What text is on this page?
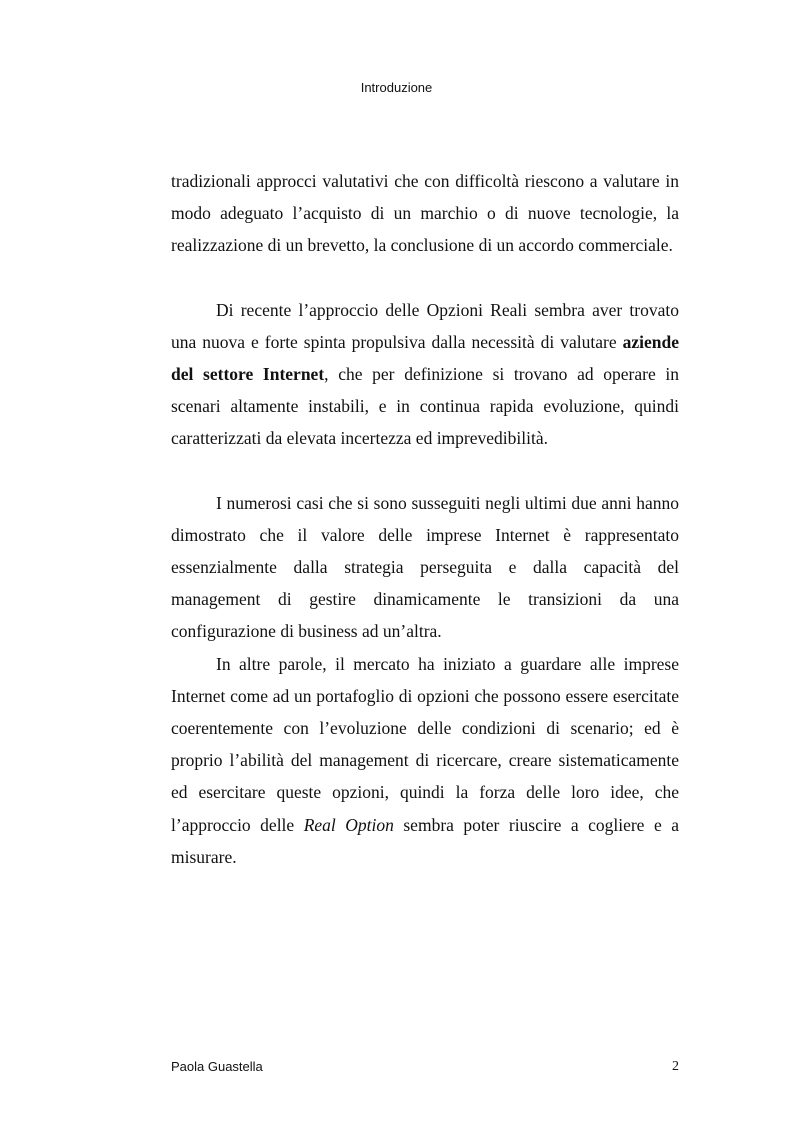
Introduzione

tradizionali approcci valutativi che con difficoltà riescono a valutare in modo adeguato l’acquisto di un marchio o di nuove tecnologie, la realizzazione di un brevetto, la conclusione di un accordo commerciale.

Di recente l’approccio delle Opzioni Reali sembra aver trovato una nuova e forte spinta propulsiva dalla necessità di valutare aziende del settore Internet, che per definizione si trovano ad operare in scenari altamente instabili, e in continua rapida evoluzione, quindi caratterizzati da elevata incertezza ed imprevedibilità.

I numerosi casi che si sono susseguiti negli ultimi due anni hanno dimostrato che il valore delle imprese Internet è rappresentato essenzialmente dalla strategia perseguita e dalla capacità del management di gestire dinamicamente le transizioni da una configurazione di business ad un’altra.

In altre parole, il mercato ha iniziato a guardare alle imprese Internet come ad un portafoglio di opzioni che possono essere esercitate coerentemente con l’evoluzione delle condizioni di scenario; ed è proprio l’abilità del management di ricercare, creare sistematicamente ed esercitare queste opzioni, quindi la forza delle loro idee, che l’approccio delle Real Option sembra poter riuscire a cogliere e a misurare.

Paola Guastella	2
